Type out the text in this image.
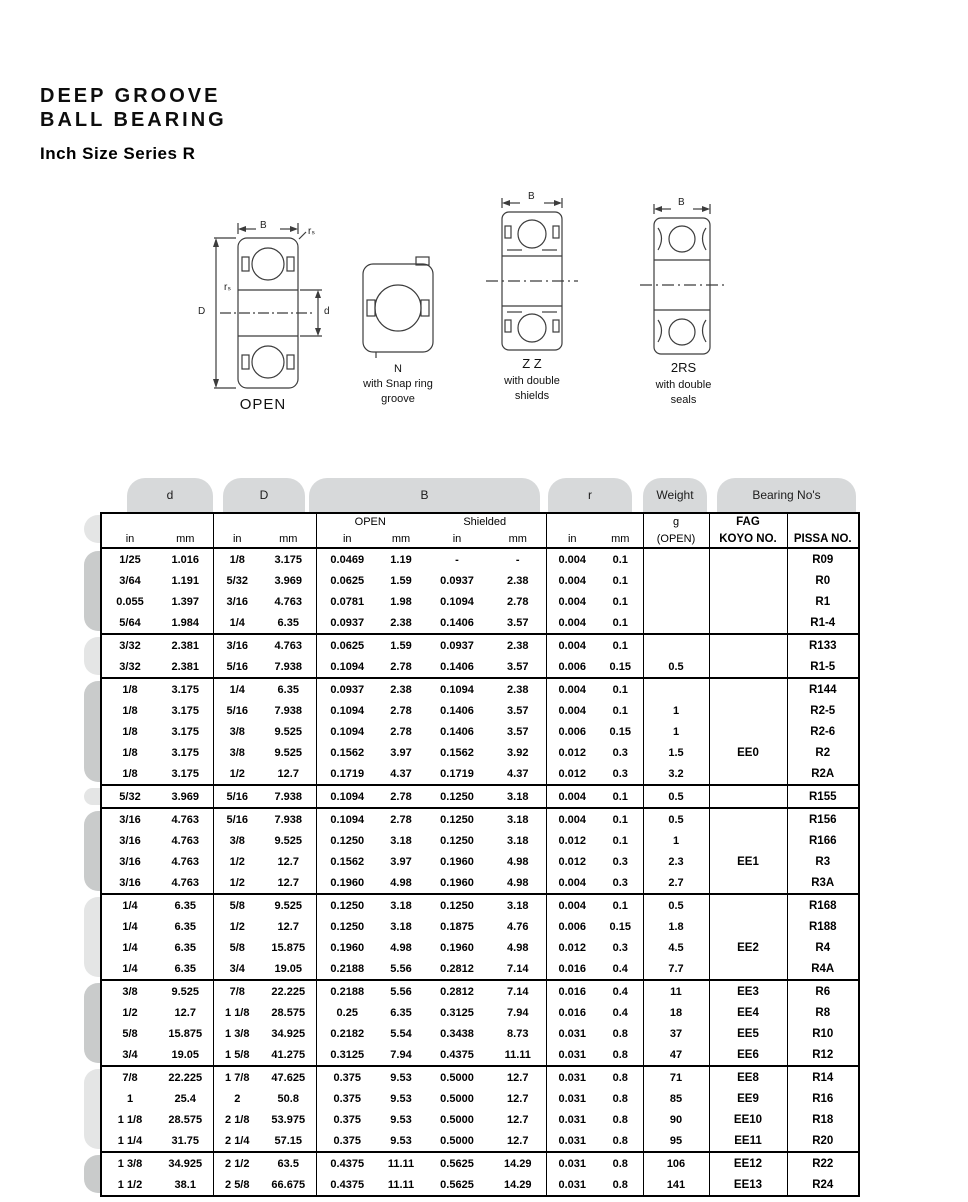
DEEP GROOVE
BALL BEARING
Inch Size Series R
B
rₛ
rₛ
D	d
OPEN
N
with Snap ring
groove
B
Z Z
with double
shields
B
2RS
with double
seals
d	D	B	r	Weight	Bearing No's
				OPEN		Shielded				g	FAG	
in	mm	in	mm	in	mm	in	mm	in	mm	(OPEN)	KOYO NO.	PISSA NO.
1/25	1.016	1/8	3.175	0.0469	1.19	-	-	0.004	0.1			R09
3/64	1.191	5/32	3.969	0.0625	1.59	0.0937	2.38	0.004	0.1			R0
0.055	1.397	3/16	4.763	0.0781	1.98	0.1094	2.78	0.004	0.1			R1
5/64	1.984	1/4	6.35	0.0937	2.38	0.1406	3.57	0.004	0.1			R1-4
3/32	2.381	3/16	4.763	0.0625	1.59	0.0937	2.38	0.004	0.1			R133
3/32	2.381	5/16	7.938	0.1094	2.78	0.1406	3.57	0.006	0.15	0.5		R1-5
1/8	3.175	1/4	6.35	0.0937	2.38	0.1094	2.38	0.004	0.1			R144
1/8	3.175	5/16	7.938	0.1094	2.78	0.1406	3.57	0.004	0.1	1		R2-5
1/8	3.175	3/8	9.525	0.1094	2.78	0.1406	3.57	0.006	0.15	1		R2-6
1/8	3.175	3/8	9.525	0.1562	3.97	0.1562	3.92	0.012	0.3	1.5	EE0	R2
1/8	3.175	1/2	12.7	0.1719	4.37	0.1719	4.37	0.012	0.3	3.2		R2A
5/32	3.969	5/16	7.938	0.1094	2.78	0.1250	3.18	0.004	0.1	0.5		R155
3/16	4.763	5/16	7.938	0.1094	2.78	0.1250	3.18	0.004	0.1	0.5		R156
3/16	4.763	3/8	9.525	0.1250	3.18	0.1250	3.18	0.012	0.1	1		R166
3/16	4.763	1/2	12.7	0.1562	3.97	0.1960	4.98	0.012	0.3	2.3	EE1	R3
3/16	4.763	1/2	12.7	0.1960	4.98	0.1960	4.98	0.004	0.3	2.7		R3A
1/4	6.35	5/8	9.525	0.1250	3.18	0.1250	3.18	0.004	0.1	0.5		R168
1/4	6.35	1/2	12.7	0.1250	3.18	0.1875	4.76	0.006	0.15	1.8		R188
1/4	6.35	5/8	15.875	0.1960	4.98	0.1960	4.98	0.012	0.3	4.5	EE2	R4
1/4	6.35	3/4	19.05	0.2188	5.56	0.2812	7.14	0.016	0.4	7.7		R4A
3/8	9.525	7/8	22.225	0.2188	5.56	0.2812	7.14	0.016	0.4	11	EE3	R6
1/2	12.7	1 1/8	28.575	0.25	6.35	0.3125	7.94	0.016	0.4	18	EE4	R8
5/8	15.875	1 3/8	34.925	0.2182	5.54	0.3438	8.73	0.031	0.8	37	EE5	R10
3/4	19.05	1 5/8	41.275	0.3125	7.94	0.4375	11.11	0.031	0.8	47	EE6	R12
7/8	22.225	1 7/8	47.625	0.375	9.53	0.5000	12.7	0.031	0.8	71	EE8	R14
1	25.4	2	50.8	0.375	9.53	0.5000	12.7	0.031	0.8	85	EE9	R16
1 1/8	28.575	2 1/8	53.975	0.375	9.53	0.5000	12.7	0.031	0.8	90	EE10	R18
1 1/4	31.75	2 1/4	57.15	0.375	9.53	0.5000	12.7	0.031	0.8	95	EE11	R20
1 3/8	34.925	2 1/2	63.5	0.4375	11.11	0.5625	14.29	0.031	0.8	106	EE12	R22
1 1/2	38.1	2 5/8	66.675	0.4375	11.11	0.5625	14.29	0.031	0.8	141	EE13	R24
